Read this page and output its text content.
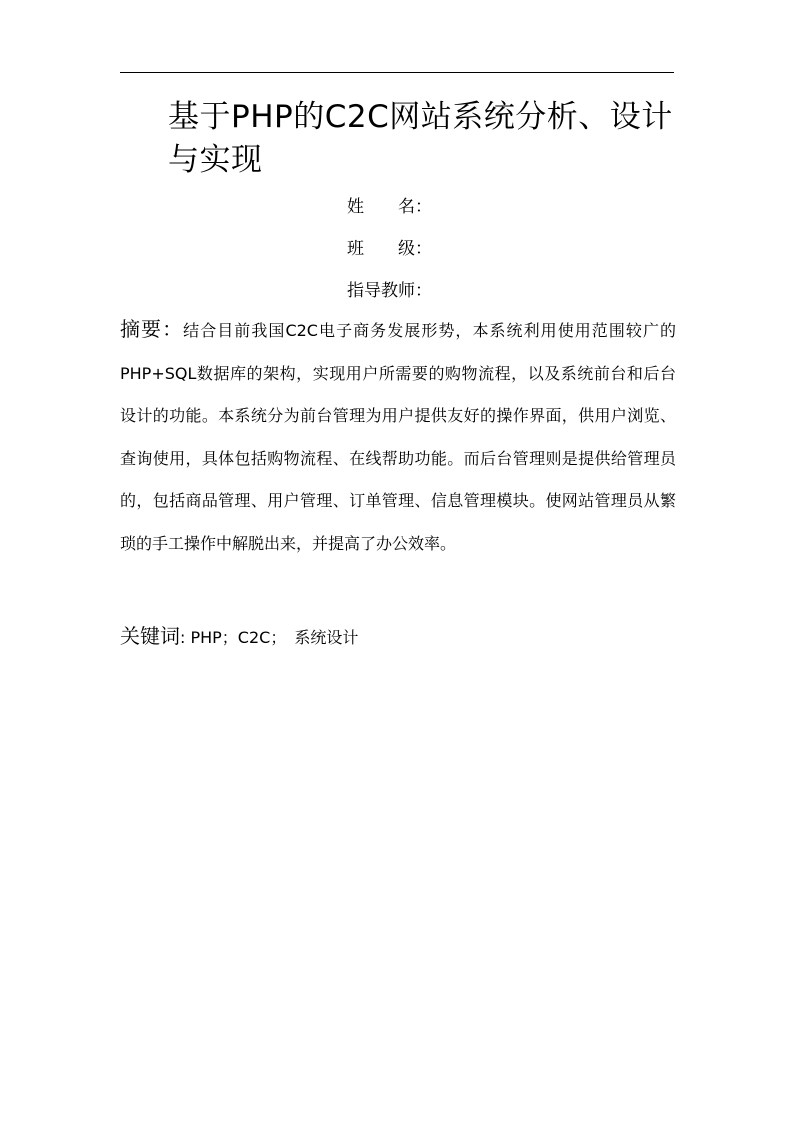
基于PHP的C2C网站系统分析、设计与实现
姓　　名：
班　　级：
指导教师：

摘要：结合目前我国C2C电子商务发展形势，本系统利用使用范围较广的PHP+SQL数据库的架构，实现用户所需要的购物流程，以及系统前台和后台设计的功能。本系统分为前台管理为用户提供友好的操作界面，供用户浏览、查询使用，具体包括购物流程、在线帮助功能。而后台管理则是提供给管理员的，包括商品管理、用户管理、订单管理、信息管理模块。使网站管理员从繁琐的手工操作中解脱出来，并提高了办公效率。

关键词: PHP；C2C；　系统设计
